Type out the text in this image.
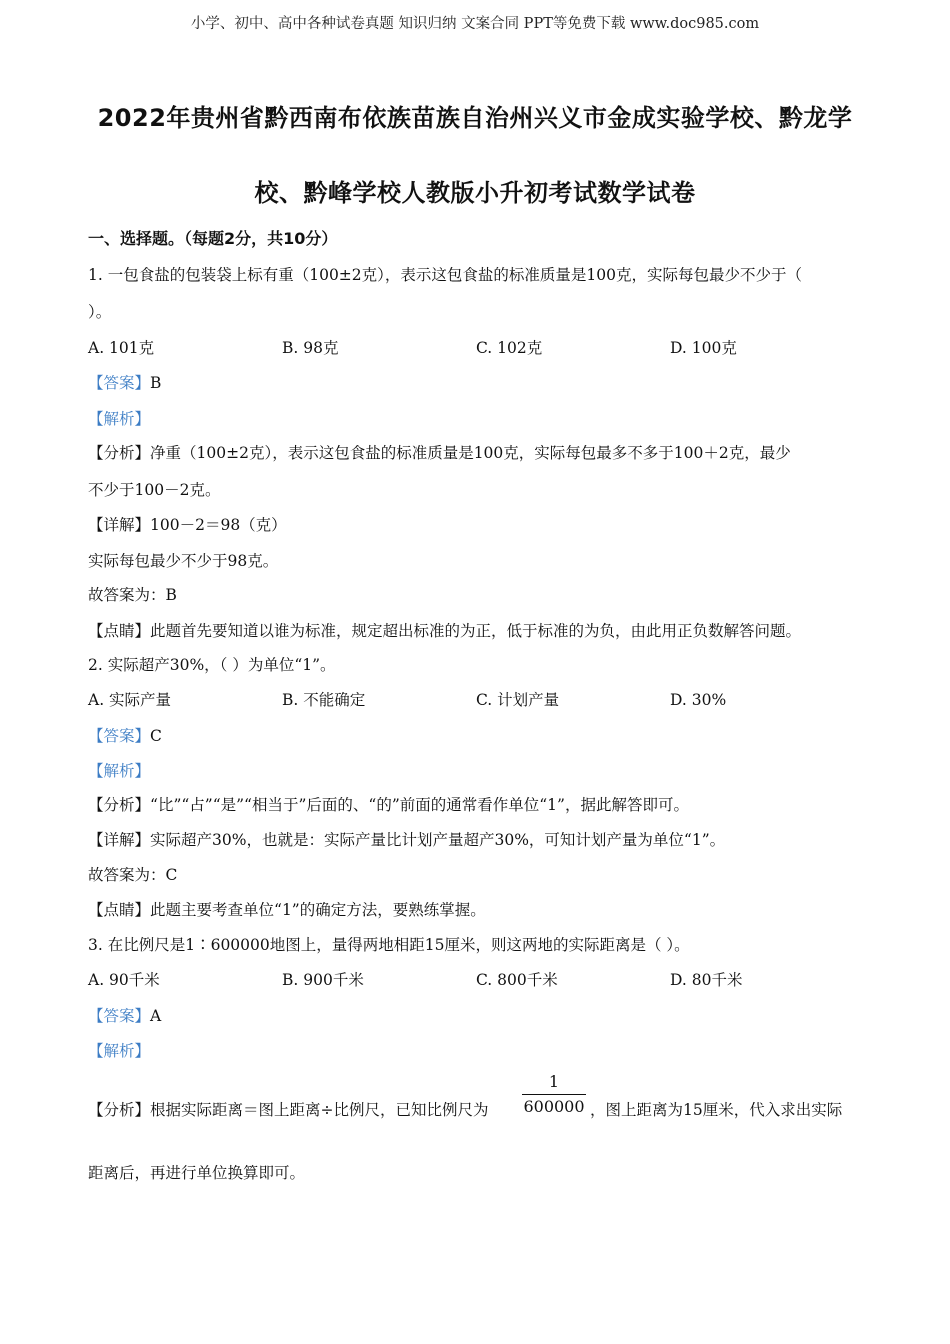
小学、初中、高中各种试卷真题 知识归纳 文案合同 PPT等免费下载 www.doc985.com
2022年贵州省黔西南布依族苗族自治州兴义市金成实验学校、黔龙学
校、黔峰学校人教版小升初考试数学试卷
一、选择题。（每题2分，共10分）
1. 一包食盐的包装袋上标有重（100±2克），表示这包食盐的标准质量是100克，实际每包最少不少于（
）。
A. 101克	B. 98克	C. 102克	D. 100克
【答案】B
【解析】
【分析】净重（100±2克），表示这包食盐的标准质量是100克，实际每包最多不多于100＋2克，最少
不少于100－2克。
【详解】100－2＝98（克）
实际每包最少不少于98克。
故答案为：B
【点睛】此题首先要知道以谁为标准，规定超出标准的为正，低于标准的为负，由此用正负数解答问题。
2. 实际超产30%，（ ）为单位“1”。
A. 实际产量	B. 不能确定	C. 计划产量	D. 30%
【答案】C
【解析】
【分析】“比”“占”“是”“相当于”后面的、“的”前面的通常看作单位“1”，据此解答即可。
【详解】实际超产30%，也就是：实际产量比计划产量超产30%，可知计划产量为单位“1”。
故答案为：C
【点睛】此题主要考查单位“1”的确定方法，要熟练掌握。
3. 在比例尺是1∶600000地图上，量得两地相距15厘米，则这两地的实际距离是（ ）。
A. 90千米	B. 900千米	C. 800千米	D. 80千米
【答案】A
【解析】
【分析】根据实际距离＝图上距离÷比例尺，已知比例尺为
1
600000 ，图上距离为15厘米，代入求出实际
距离后，再进行单位换算即可。
